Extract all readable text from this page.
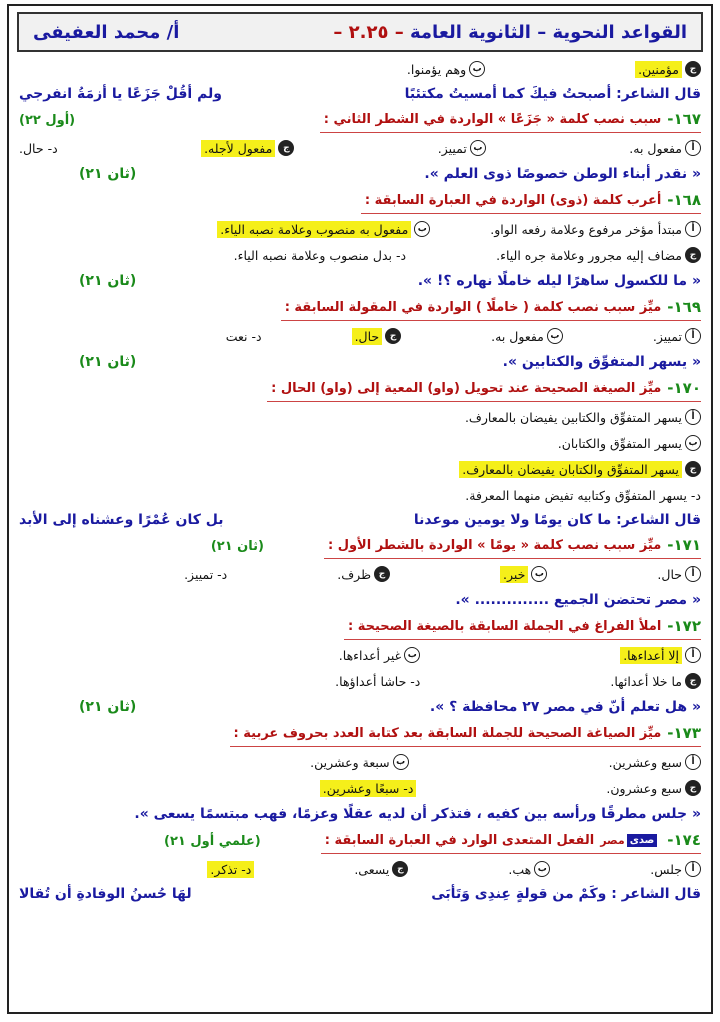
القواعد النحوية – الثانوية العامة – ٢.٢٥ –
أ/ محمد العفيفى
ج
مؤمنين.
ب
وهم يؤمنوا.
قال الشاعر: أصبحتُ فيكَ كما أمسيتُ مكتئبًا
ولم أقُلْ جَزَعًا يا أزمَةُ انفرجي
١٦٧-
سبب نصب كلمة « جَزَعًا » الواردة في الشطر الثاني :
(أول ٢٢)
أ
مفعول به.
ب
تمييز.
ج
مفعول لأجله.
د- حال.
« نقدر أبناء الوطن خصوصًا ذوى العلم ».
(ثان ٢١)
١٦٨-
أعرب كلمة (ذوى) الواردة في العبارة السابقة :
أ
مبتدأ مؤخر مرفوع وعلامة رفعه الواو.
ب
مفعول به منصوب وعلامة نصبه الياء.
ج
مضاف إليه مجرور وعلامة جره الياء.
د- بدل منصوب وعلامة نصبه الياء.
« ما للكسول ساهرًا ليله خاملًا نهاره ؟! ».
(ثان ٢١)
١٦٩-
ميِّز سبب نصب كلمة ( خاملًا ) الواردة في المقولة السابقة :
أ
تمييز.
ب
مفعول به.
ج
حال.
د- نعت
« يسهر المتفوِّق والكتابين ».
(ثان ٢١)
١٧٠-
ميِّز الصيغة الصحيحة عند تحويل (واو) المعية إلى (واو) الحال :
أ
يسهر المتفوِّق والكتابين يفيضان بالمعارف.
ب
يسهر المتفوِّق والكتابان.
ج
يسهر المتفوِّق والكتابان يفيضان بالمعارف.
د- يسهر المتفوِّق وكتابيه تفيض منهما المعرفة.
قال الشاعر: ما كان يومًا ولا يومين موعدنا
بل كان عُمْرًا وعشناه إلى الأبد
١٧١-
ميِّز سبب نصب كلمة « يومًا » الواردة بالشطر الأول :
(ثان ٢١)
أ
حال.
ب
خبر.
ج
ظرف.
د- تمييز.
« مصر تحتضن الجميع .............. ».
١٧٢-
املأ الفراغ في الجملة السابقة بالصيغة الصحيحة :
أ
إلا أعداءها.
ب
غير أعداءها.
ج
ما خلا أعدائها.
د- حاشا أعداؤها.
« هل تعلم أنّ في مصر ٢٧ محافظة ؟ ».
(ثان ٢١)
١٧٣-
ميِّز الصياغة الصحيحة للجملة السابقة بعد كتابة العدد بحروف عربية :
أ
سبع وعشرين.
ب
سبعة وعشرين.
ج
سبع وعشرون.
د- سبعًا وعشرين.
« جلس مطرقًا ورأسه بين كفيه ، فتذكر أن لديه عقلًا وعزمًا، فهب مبتسمًا يسعى ».
١٧٤-
صدى
مصر
الفعل المتعدى الوارد في العبارة السابقة :
(علمي أول ٢١)
أ
جلس.
ب
هب.
ج
يسعى.
د- تذكر.
قال الشاعر : وكَمْ من قولةٍ عِندِى وَتَأبَى
لهَا حُسنُ الوفادةِ أن تُقالا
